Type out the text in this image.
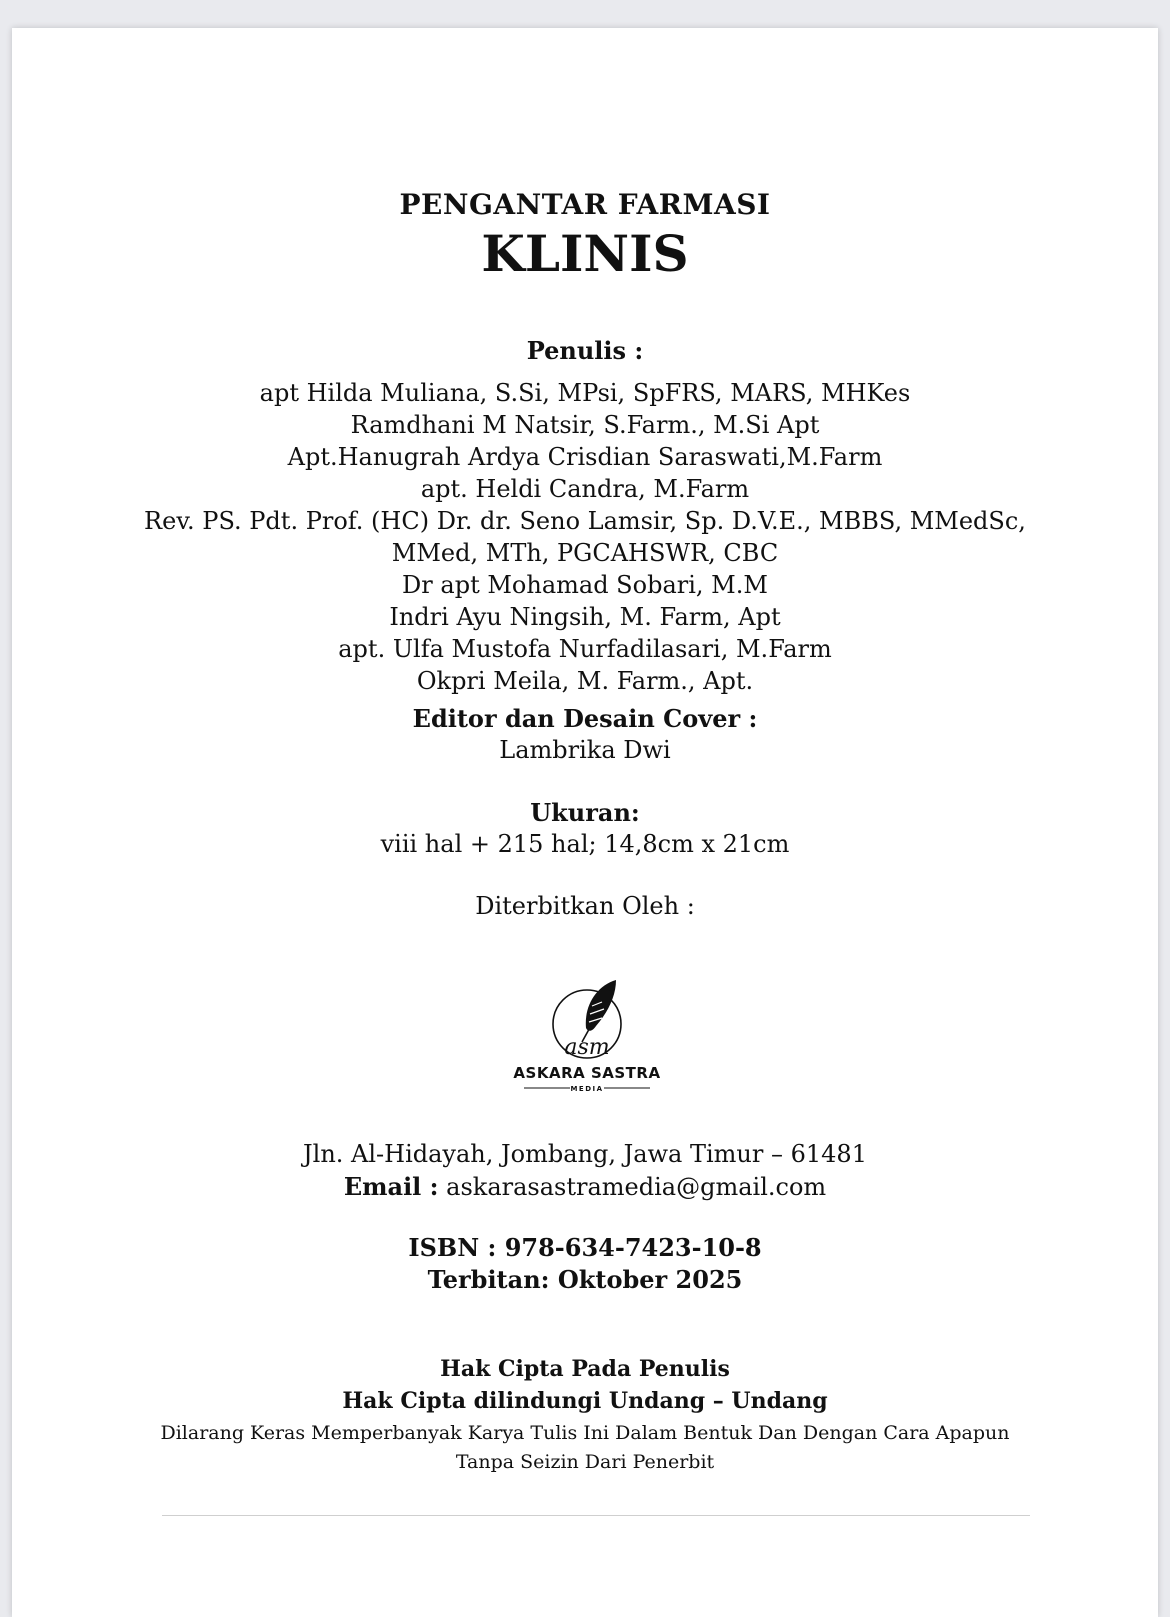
PENGANTAR FARMASI
KLINIS
Penulis :
apt Hilda Muliana, S.Si, MPsi, SpFRS, MARS, MHKes
Ramdhani M Natsir, S.Farm., M.Si Apt
Apt.Hanugrah Ardya Crisdian Saraswati,M.Farm
apt. Heldi Candra, M.Farm
Rev. PS. Pdt. Prof. (HC) Dr. dr. Seno Lamsir, Sp. D.V.E., MBBS, MMedSc,
MMed, MTh, PGCAHSWR, CBC
Dr apt Mohamad Sobari, M.M
Indri Ayu Ningsih, M. Farm, Apt
apt. Ulfa Mustofa Nurfadilasari, M.Farm
Okpri Meila, M. Farm., Apt.
Editor dan Desain Cover :
Lambrika Dwi
Ukuran:
viii hal + 215 hal; 14,8cm x 21cm
Diterbitkan Oleh :
asm
ASKARA SASTRA
MEDIA
Jln. Al-Hidayah, Jombang, Jawa Timur – 61481
Email : askarasastramedia@gmail.com
ISBN : 978-634-7423-10-8
Terbitan: Oktober 2025
Hak Cipta Pada Penulis
Hak Cipta dilindungi Undang – Undang
Dilarang Keras Memperbanyak Karya Tulis Ini Dalam Bentuk Dan Dengan Cara Apapun
Tanpa Seizin Dari Penerbit
